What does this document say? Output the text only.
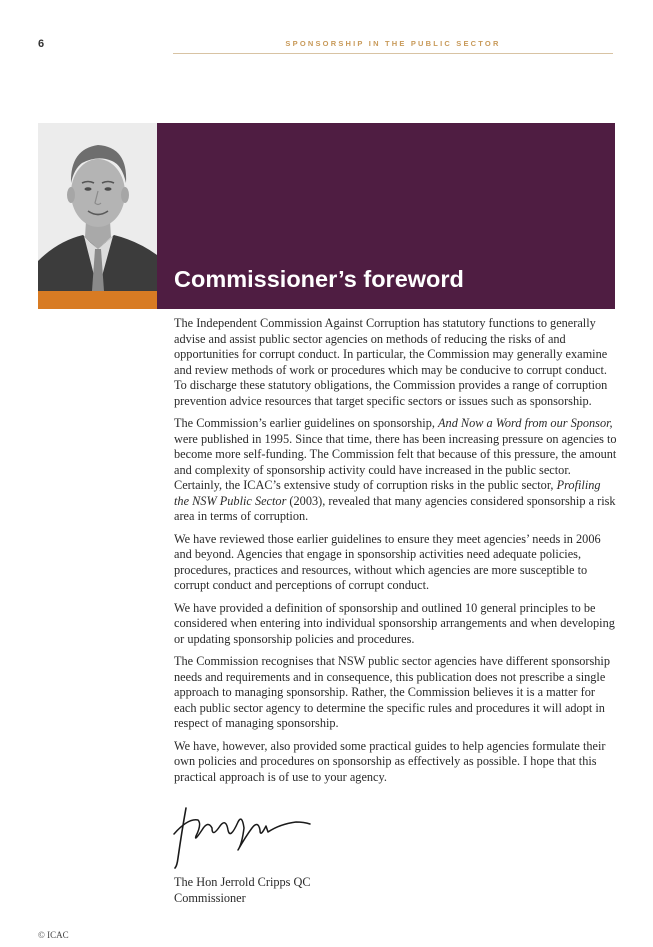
6	SPONSORSHIP IN THE PUBLIC SECTOR
Commissioner’s foreword

The Independent Commission Against Corruption has statutory functions to generally advise and assist public sector agencies on methods of reducing the risks of and opportunities for corrupt conduct. In particular, the Commission may generally examine and review methods of work or procedures which may be conducive to corrupt conduct. To discharge these statutory obligations, the Commission provides a range of corruption prevention advice resources that target specific sectors or issues such as sponsorship.

The Commission’s earlier guidelines on sponsorship, And Now a Word from our Sponsor, were published in 1995. Since that time, there has been increasing pressure on agencies to become more self-funding. The Commission felt that because of this pressure, the amount and complexity of sponsorship activity could have increased in the public sector. Certainly, the ICAC’s extensive study of corruption risks in the public sector, Profiling the NSW Public Sector (2003), revealed that many agencies considered sponsorship a risk area in terms of corruption.

We have reviewed those earlier guidelines to ensure they meet agencies’ needs in 2006 and beyond. Agencies that engage in sponsorship activities need adequate policies, procedures, practices and resources, without which agencies are more susceptible to corrupt conduct and perceptions of corrupt conduct.

We have provided a definition of sponsorship and outlined 10 general principles to be considered when entering into individual sponsorship arrangements and when developing or updating sponsorship policies and procedures.

The Commission recognises that NSW public sector agencies have different sponsorship needs and requirements and in consequence, this publication does not prescribe a single approach to managing sponsorship. Rather, the Commission believes it is a matter for each public sector agency to determine the specific rules and procedures it will adopt in respect of managing sponsorship.

We have, however, also provided some practical guides to help agencies formulate their own policies and procedures on sponsorship as effectively as possible. I hope that this practical approach is of use to your agency.

The Hon Jerrold Cripps QC
Commissioner
© ICAC
